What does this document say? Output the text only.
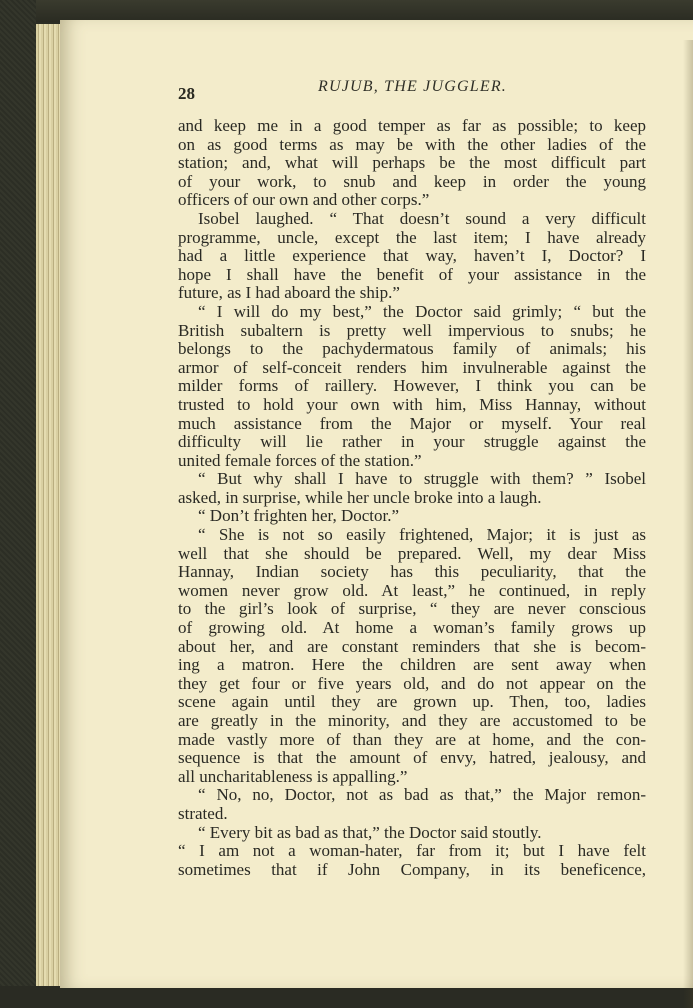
28	RUJUB, THE JUGGLER.
and keep me in a good temper as far as possible; to keep
on as good terms as may be with the other ladies of the
station; and, what will perhaps be the most difficult part
of your work, to snub and keep in order the young
officers of our own and other corps.”
Isobel laughed. “ That doesn’t sound a very difficult
programme, uncle, except the last item; I have already
had a little experience that way, haven’t I, Doctor? I
hope I shall have the benefit of your assistance in the
future, as I had aboard the ship.”
“ I will do my best,” the Doctor said grimly; “ but the
British subaltern is pretty well impervious to snubs; he
belongs to the pachydermatous family of animals; his
armor of self-conceit renders him invulnerable against the
milder forms of raillery. However, I think you can be
trusted to hold your own with him, Miss Hannay, without
much assistance from the Major or myself. Your real
difficulty will lie rather in your struggle against the
united female forces of the station.”
“ But why shall I have to struggle with them? ” Isobel
asked, in surprise, while her uncle broke into a laugh.
“ Don’t frighten her, Doctor.”
“ She is not so easily frightened, Major; it is just as
well that she should be prepared. Well, my dear Miss
Hannay, Indian society has this peculiarity, that the
women never grow old. At least,” he continued, in reply
to the girl’s look of surprise, “ they are never conscious
of growing old. At home a woman’s family grows up
about her, and are constant reminders that she is becom-
ing a matron. Here the children are sent away when
they get four or five years old, and do not appear on the
scene again until they are grown up. Then, too, ladies
are greatly in the minority, and they are accustomed to be
made vastly more of than they are at home, and the con-
sequence is that the amount of envy, hatred, jealousy, and
all uncharitableness is appalling.”
“ No, no, Doctor, not as bad as that,” the Major remon-
strated.
“ Every bit as bad as that,” the Doctor said stoutly.
“ I am not a woman-hater, far from it; but I have felt
sometimes that if John Company, in its beneficence,
